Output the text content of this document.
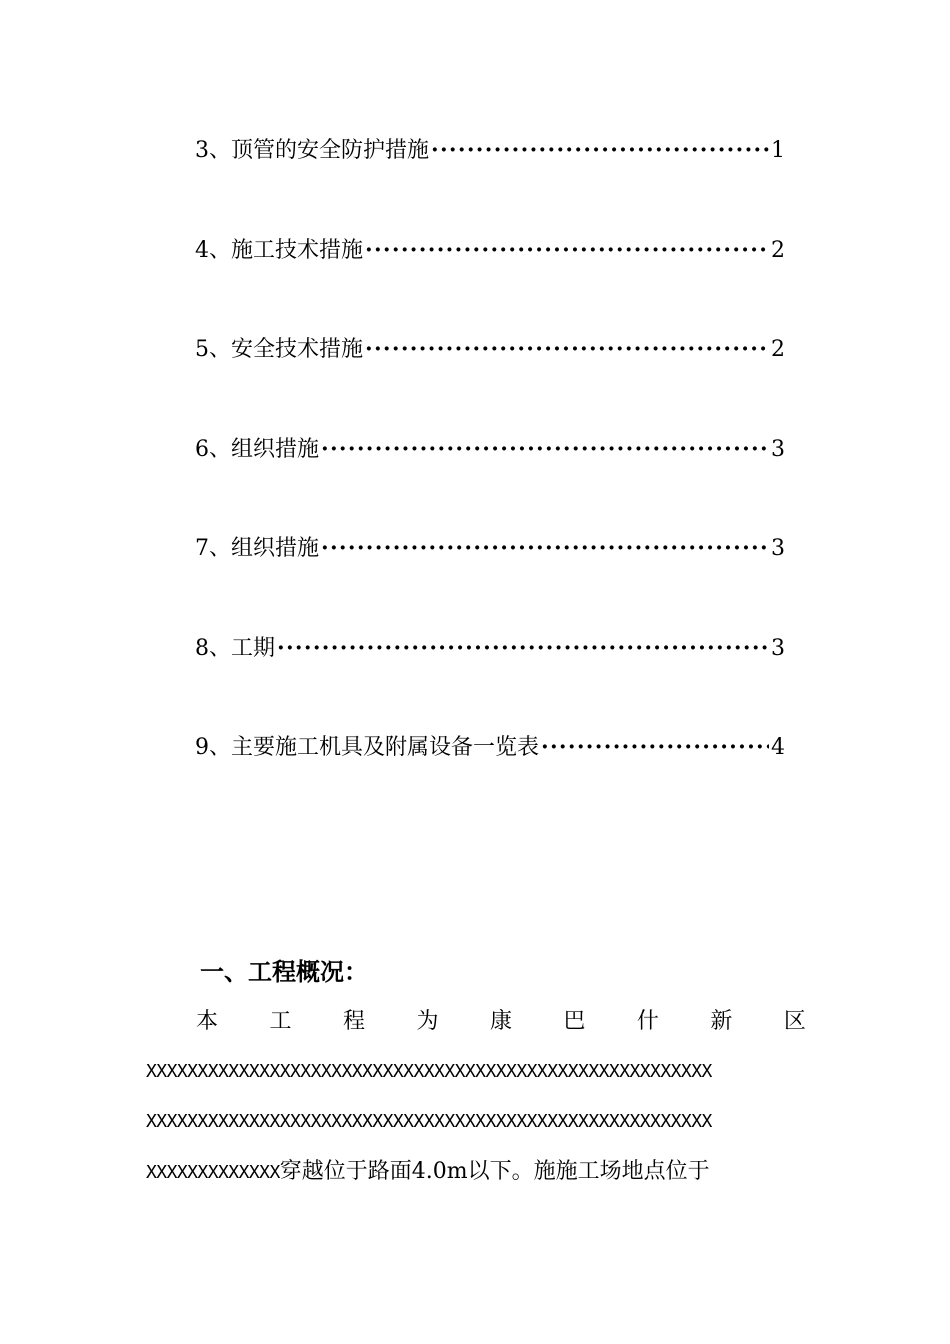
3、 顶管的安全防护措施 ·····	1
4、 施工技术措施 ·····	2
5、 安全技术措施 ·····	2
6、 组织措施 ·····	3
7、 组织措施 ·····	3
8、 工期 ·····	3
9、 主要施工机具及附属设备一览表 ·····	4
一、工程概况：
本 工 程 为 康 巴 什 新 区
XXXXXXXXXXXXXXXXXXXXXXXXXXXXXXXXXXXXXXXXXXXXXXXXXXXXXXX
XXXXXXXXXXXXXXXXXXXXXXXXXXXXXXXXXXXXXXXXXXXXXXXXXXXXXXX
XXXXXXXXXXXXX穿越位于路面4.0m以下。施施工场地点位于
